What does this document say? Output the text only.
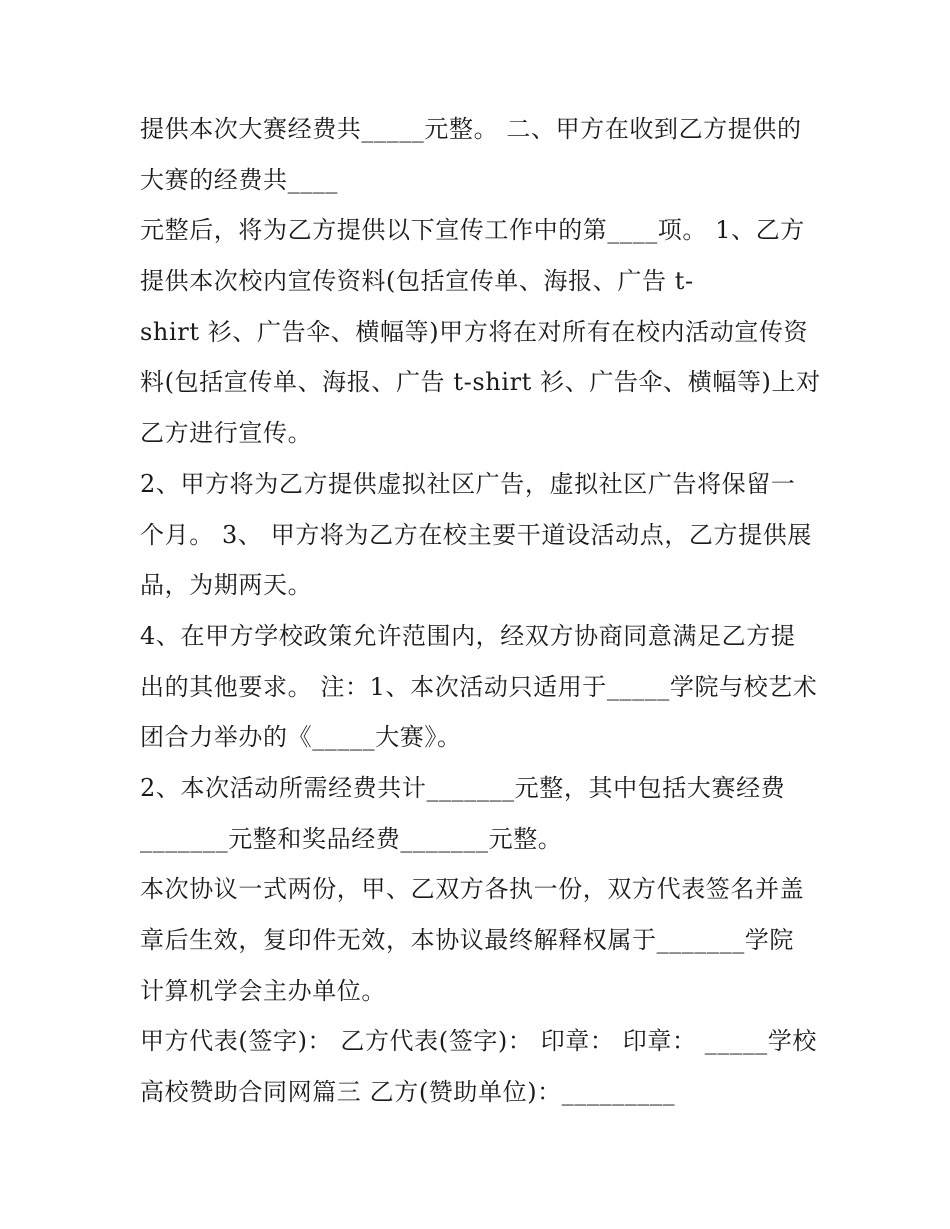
提供本次大赛经费共_____元整。 二、甲方在收到乙方提供的
大赛的经费共____
元整后，将为乙方提供以下宣传工作中的第____项。 1、乙方
提供本次校内宣传资料(包括宣传单、海报、广告 t-
shirt 衫、广告伞、横幅等)甲方将在对所有在校内活动宣传资
料(包括宣传单、海报、广告 t-shirt 衫、广告伞、横幅等)上对
乙方进行宣传。
2、甲方将为乙方提供虚拟社区广告，虚拟社区广告将保留一
个月。 3、 甲方将为乙方在校主要干道设活动点，乙方提供展
品，为期两天。
4、在甲方学校政策允许范围内，经双方协商同意满足乙方提
出的其他要求。 注：1、本次活动只适用于_____学院与校艺术
团合力举办的《_____大赛》。
2、本次活动所需经费共计_______元整，其中包括大赛经费
_______元整和奖品经费_______元整。
本次协议一式两份，甲、乙双方各执一份，双方代表签名并盖
章后生效，复印件无效，本协议最终解释权属于_______学院
计算机学会主办单位。
甲方代表(签字)： 乙方代表(签字)： 印章： 印章： _____学校
高校赞助合同网篇三 乙方(赞助单位)：_________
